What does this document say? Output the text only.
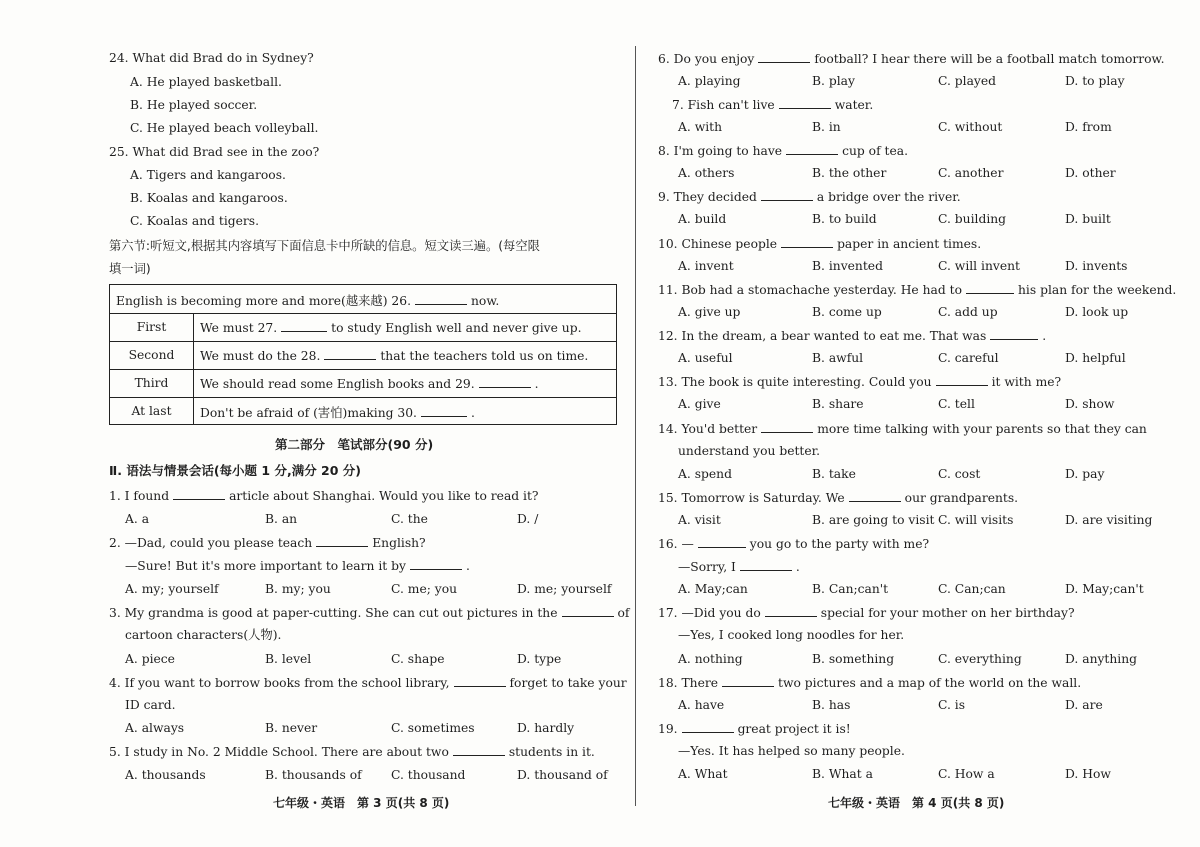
24. What did Brad do in Sydney?
A. He played basketball.
B. He played soccer.
C. He played beach volleyball.
25. What did Brad see in the zoo?
A. Tigers and kangaroos.
B. Koalas and kangaroos.
C. Koalas and tigers.
第六节:听短文,根据其内容填写下面信息卡中所缺的信息。短文读三遍。(每空限
填一词)
English is becoming more and more(越来越) 26.	now.
First	We must 27.	to study English well and never give up.
Second	We must do the 28.	that the teachers told us on time.
Third	We should read some English books and 29.	.
At last	Don't be afraid of (害怕)making 30.	.
第二部分　笔试部分(90 分)
Ⅱ. 语法与情景会话(每小题 1 分,满分 20 分)
1. I found	article about Shanghai. Would you like to read it?
A. a	B. an	C. the	D. /
2. —Dad, could you please teach	English?
—Sure! But it's more important to learn it by	.
A. my; yourself	B. my; you	C. me; you	D. me; yourself
3. My grandma is good at paper-cutting. She can cut out pictures in the	of
cartoon characters(人物).
A. piece	B. level	C. shape	D. type
4. If you want to borrow books from the school library,	forget to take your
ID card.
A. always	B. never	C. sometimes	D. hardly
5. I study in No. 2 Middle School. There are about two	students in it.
A. thousands	B. thousands of C. thousand	D. thousand of
七年级・英语　第 3 页(共 8 页)
6. Do you enjoy	football? I hear there will be a football match tomorrow.
A. playing	B. play	C. played	D. to play
7. Fish can't live	water.
A. with	B. in	C. without	D. from
8. I'm going to have	cup of tea.
A. others	B. the other	C. another	D. other
9. They decided	a bridge over the river.
A. build	B. to build	C. building	D. built
10. Chinese people	paper in ancient times.
A. invent	B. invented	C. will invent	D. invents
11. Bob had a stomachache yesterday. He had to	his plan for the weekend.
A. give up	B. come up	C. add up	D. look up
12. In the dream, a bear wanted to eat me. That was	.
A. useful	B. awful	C. careful	D. helpful
13. The book is quite interesting. Could you	it with me?
A. give	B. share	C. tell	D. show
14. You'd better	more time talking with your parents so that they can
understand you better.
A. spend	B. take	C. cost	D. pay
15. Tomorrow is Saturday. We	our grandparents.
A. visit	B. are going to visit C. will visits	D. are visiting
16. —	you go to the party with me?
—Sorry, I	.
A. May;can	B. Can;can't	C. Can;can	D. May;can't
17. —Did you do	special for your mother on her birthday?
—Yes, I cooked long noodles for her.
A. nothing	B. something	C. everything	D. anything
18. There	two pictures and a map of the world on the wall.
A. have	B. has	C. is	D. are
19.	great project it is!
—Yes. It has helped so many people.
A. What	B. What a	C. How a	D. How
七年级・英语　第 4 页(共 8 页)
